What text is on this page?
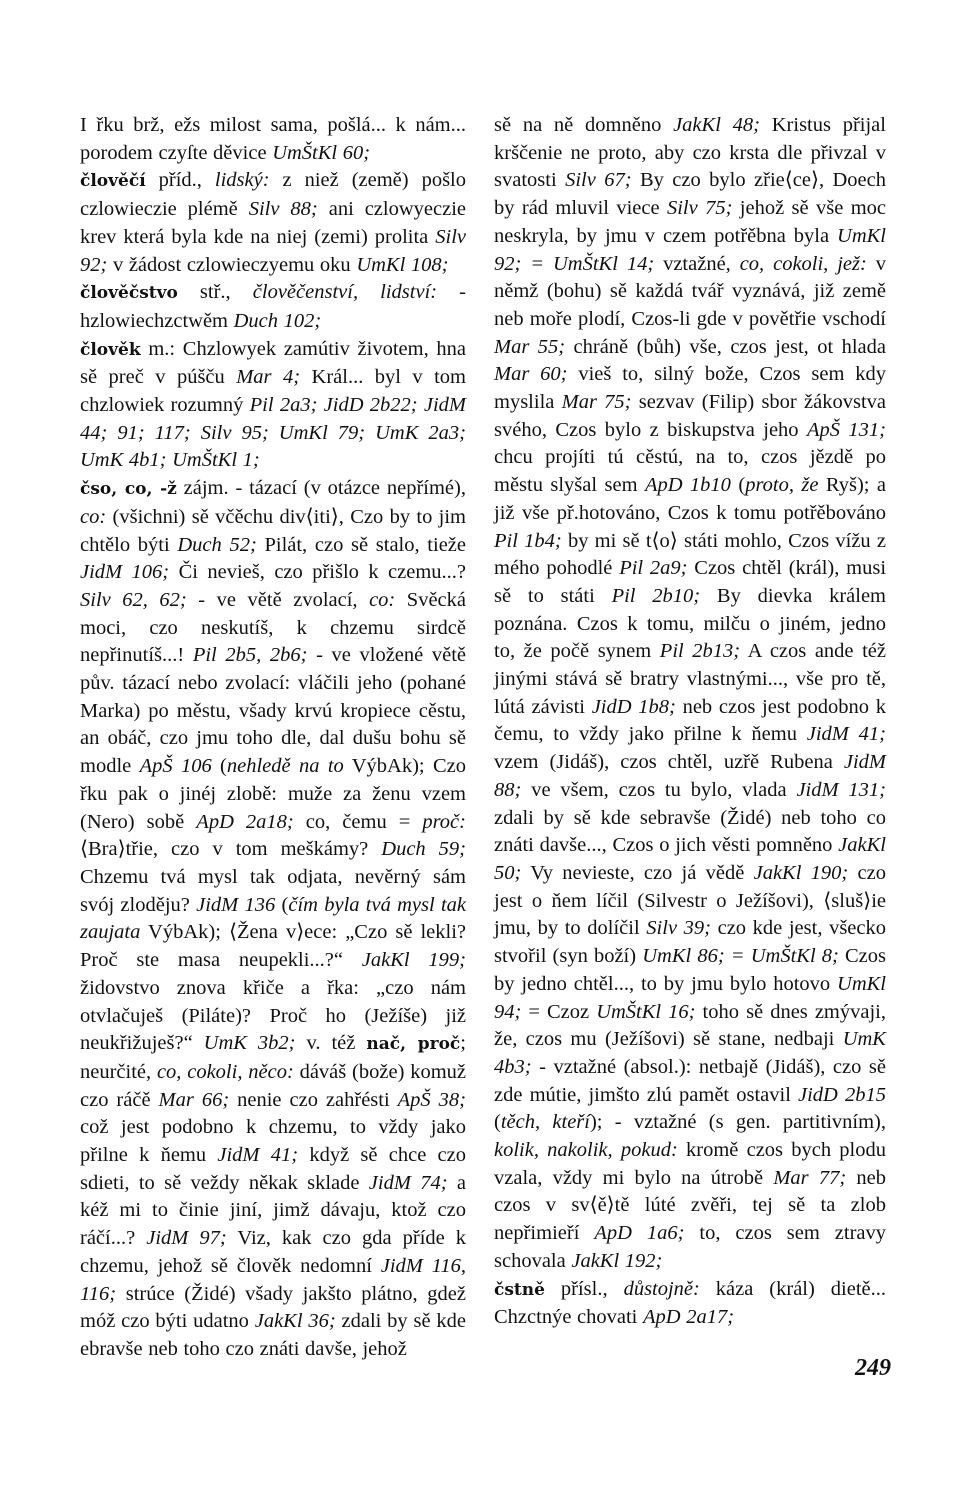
I řku brž, ežs milost sama, pošlá... k nám... porodem czyſte děvice UmŠtKl 60;

člověčí příd., lidský: z niež (země) pošlo czlowieczie plémě Silv 88; ani czlowyeczie krev která byla kde na niej (zemi) prolita Silv 92; v žádost czlowieczyemu oku UmKl 108;

člověčstvo stř., člověčenství, lidství: -hzlowiechzctwěm Duch 102;

člověk m.: Chzlowyek zamútiv životem, hna sě preč v púšču Mar 4; Král... byl v tom chzlowiek rozumný Pil 2a3; JidD 2b22; JidM 44; 91; 117; Silv 95; UmKl 79; UmK 2a3; UmK 4b1; UmŠtKl 1;

čso, co, -ž zájm. - tázací (v otázce nepřímé), co: (všichni) sě včěchu div⟨iti⟩, Czo by to jim chtělo býti Duch 52; Pilát, czo sě stalo, tieže JidM 106; Či nevieš, czo přišlo k czemu...? Silv 62, 62; - ve větě zvolací, co: Svěcká moci, czo neskutíš, k chzemu sirdcě nepřinutíš...! Pil 2b5, 2b6; - ve vložené větě pův. tázací nebo zvolací: vláčili jeho (pohané Marka) po městu, všady krvú kropiece cěstu, an obáč, czo jmu toho dle, dal dušu bohu sě modle ApŠ 106 (nehledě na to VýbAk); Czo řku pak o jinéj zlobě: muže za ženu vzem (Nero) sobě ApD 2a18; co, čemu = proč: ⟨Bra⟩třie, czo v tom meškámy? Duch 59; Chzemu tvá mysl tak odjata, nevěrný sám svój zloděju? JidM 136 (čím byla tvá mysl tak zaujata VýbAk); ⟨Žena v⟩ece: „Czo sě lekli? Proč ste masa neupekli...?“ JakKl 199; židovstvo znova křiče a řka: „czo nám otvlačuješ (Piláte)? Proč ho (Ježíše) již neukřižuješ?“ UmK 3b2; v. též nač, proč; neurčité, co, cokoli, něco: dáváš (bože) komuž czo ráčě Mar 66; nenie czo zahřésti ApŠ 38; což jest podobno k chzemu, to vždy jako přilne k ňemu JidM 41; když sě chce czo sdieti, to sě veždy někak sklade JidM 74; a kéž mi to činie jiní, jimž dávaju, ktož czo ráčí...? JidM 97; Viz, kak czo gda příde k chzemu, jehož sě člověk nedomní JidM 116, 116; strúce (Židé) všady jakšto plátno, gdež móž czo býti udatno JakKl 36; zdali by sě kde ebravše neb toho czo znáti davše, jehož

sě na ně domněno JakKl 48; Kristus přijal krščenie ne proto, aby czo krsta dle přivzal v svatosti Silv 67; By czo bylo zřie⟨ce⟩, Doech by rád mluvil viece Silv 75; jehož sě vše moc neskryla, by jmu v czem potřěbna byla UmKl 92; = UmŠtKl 14; vztažné, co, cokoli, jež: v němž (bohu) sě každá tvář vyznává, již země neb moře plodí, Czos-li gde v povětřie vschodí Mar 55; chráně (bůh) vše, czos jest, ot hlada Mar 60; vieš to, silný bože, Czos sem kdy myslila Mar 75; sezvav (Filip) sbor žákovstva svého, Czos bylo z biskupstva jeho ApŠ 131; chcu projíti tú cěstú, na to, czos jězdě po městu slyšal sem ApD 1b10 (proto, že Ryš); a již vše př.hotováno, Czos k tomu potřěbováno Pil 1b4; by mi sě t⟨o⟩ státi mohlo, Czos vížu z mého pohodlé Pil 2a9; Czos chtěl (král), musi sě to státi Pil 2b10; By dievka králem poznána. Czos k tomu, milču o jiném, jedno to, že počě synem Pil 2b13; A czos ande též jinými stává sě bratry vlastnými..., vše pro tě, lútá závisti JidD 1b8; neb czos jest podobno k čemu, to vždy jako přilne k ňemu JidM 41; vzem (Jidáš), czos chtěl, uzřě Rubena JidM 88; ve všem, czos tu bylo, vlada JidM 131; zdali by sě kde sebravše (Židé) neb toho co znáti davše..., Czos o jich věsti pomněno JakKl 50; Vy nevieste, czo já vědě JakKl 190; czo jest o ňem líčil (Silvestr o Ježíšovi), ⟨sluš⟩ie jmu, by to dolíčil Silv 39; czo kde jest, všecko stvořil (syn boží) UmKl 86; = UmŠtKl 8; Czos by jedno chtěl..., to by jmu bylo hotovo UmKl 94; = Czoz UmŠtKl 16; toho sě dnes zmývaji, že, czos mu (Ježíšovi) sě stane, nedbaji UmK 4b3; - vztažné (absol.): netbajě (Jidáš), czo sě zde mútie, jimšto zlú pamět ostavil JidD 2b15 (těch, kteří); - vztažné (s gen. partitivním), kolik, nakolik, pokud: kromě czos bych plodu vzala, vždy mi bylo na útrobě Mar 77; neb czos v sv⟨ě⟩tě lúté zvěři, tej sě ta zlob nepřimieří ApD 1a6; to, czos sem ztravy schovala JakKl 192;

čstně přísl., důstojně: káza (král) dietě... Chzctnýe chovati ApD 2a17;

249
